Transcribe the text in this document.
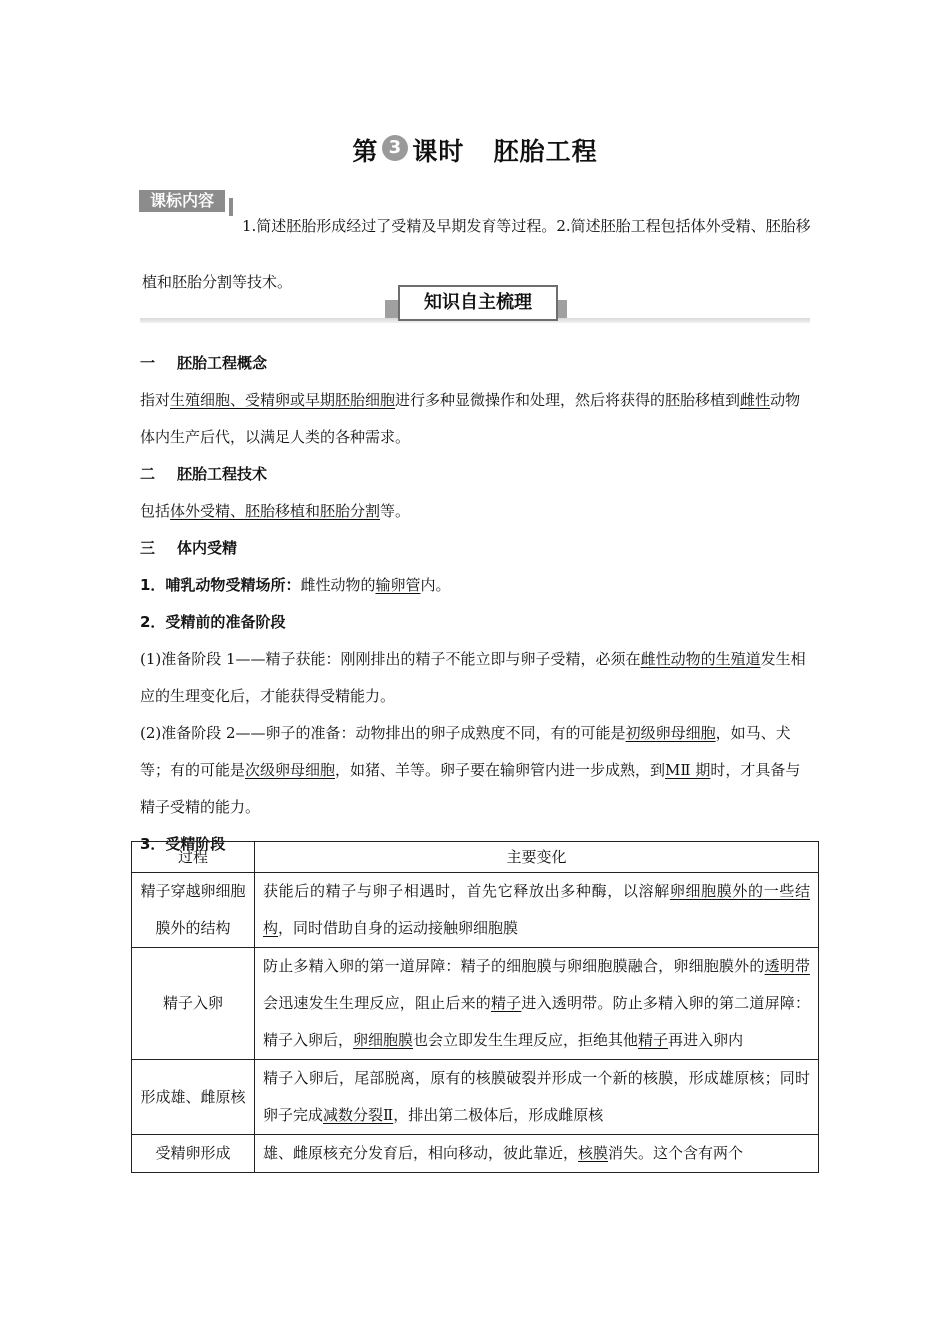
第 3 课时 胚胎工程
课标内容
1.简述胚胎形成经过了受精及早期发育等过程。2.简述胚胎工程包括体外受精、胚胎移植和胚胎分割等技术。
知识自主梳理

一 胚胎工程概念

指对生殖细胞、受精卵或早期胚胎细胞进行多种显微操作和处理，然后将获得的胚胎移植到雌性动物体内生产后代，以满足人类的各种需求。

二 胚胎工程技术

包括体外受精、胚胎移植和胚胎分割等。

三 体内受精

1．哺乳动物受精场所：雌性动物的输卵管内。

2．受精前的准备阶段

(1)准备阶段 1——精子获能：刚刚排出的精子不能立即与卵子受精，必须在雌性动物的生殖道发生相应的生理变化后，才能获得受精能力。

(2)准备阶段 2——卵子的准备：动物排出的卵子成熟度不同，有的可能是初级卵母细胞，如马、犬等；有的可能是次级卵母细胞，如猪、羊等。卵子要在输卵管内进一步成熟，到MⅡ 期时，才具备与精子受精的能力。

3．受精阶段

过程	主要变化
精子穿越卵细胞膜外的结构	获能后的精子与卵子相遇时，首先它释放出多种酶，以溶解卵细胞膜外的一些结构，同时借助自身的运动接触卵细胞膜
精子入卵	防止多精入卵的第一道屏障：精子的细胞膜与卵细胞膜融合，卵细胞膜外的透明带会迅速发生生理反应，阻止后来的精子进入透明带。防止多精入卵的第二道屏障：精子入卵后，卵细胞膜也会立即发生生理反应，拒绝其他精子再进入卵内
形成雄、雌原核	精子入卵后，尾部脱离，原有的核膜破裂并形成一个新的核膜，形成雄原核；同时卵子完成减数分裂Ⅱ，排出第二极体后，形成雌原核
受精卵形成	雄、雌原核充分发育后，相向移动，彼此靠近，核膜消失。这个含有两个
